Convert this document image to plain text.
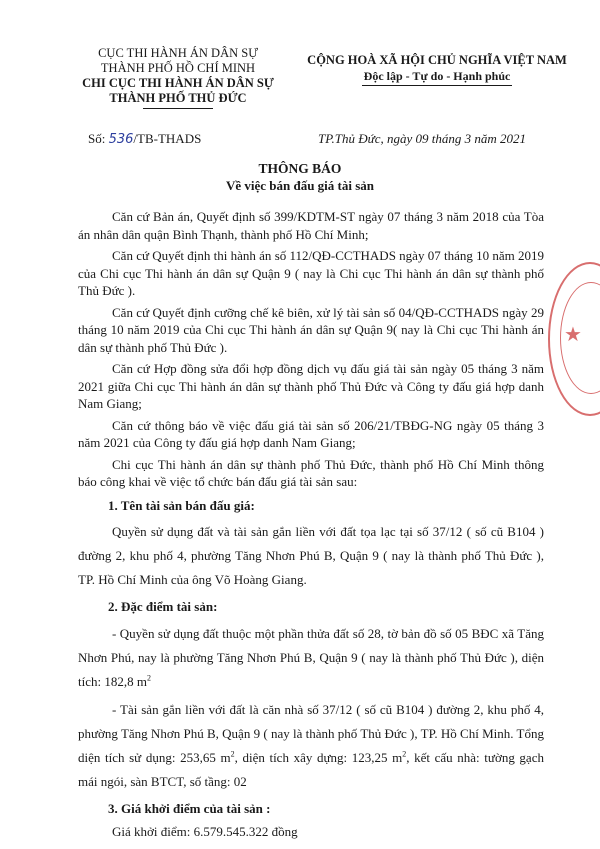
CỤC THI HÀNH ÁN DÂN SỰ
THÀNH PHỐ HỒ CHÍ MINH
CHI CỤC THI HÀNH ÁN DÂN SỰ
THÀNH PHỐ THỦ ĐỨC
CỘNG HOÀ XÃ HỘI CHỦ NGHĨA VIỆT NAM
Độc lập - Tự do - Hạnh phúc
Số: 536/TB-THADS	TP.Thủ Đức, ngày 09 tháng 3 năm 2021
THÔNG BÁO
Về việc bán đấu giá tài sản

Căn cứ Bản án, Quyết định số 399/KDTM-ST ngày 07 tháng 3 năm 2018 của Tòa án nhân dân quận Bình Thạnh, thành phố Hồ Chí Minh;

Căn cứ Quyết định thi hành án số 112/QĐ-CCTHADS ngày 07 tháng 10 năm 2019 của Chi cục Thi hành án dân sự Quận 9 ( nay là Chi cục Thi hành án dân sự thành phố Thủ Đức ).

Căn cứ Quyết định cưỡng chế kê biên, xử lý tài sản số 04/QĐ-CCTHADS ngày 29 tháng 10 năm 2019 của Chi cục Thi hành án dân sự Quận 9( nay là Chi cục Thi hành án dân sự thành phố Thủ Đức ).

Căn cứ Hợp đồng sửa đổi hợp đồng dịch vụ đấu giá tài sản ngày 05 tháng 3 năm 2021 giữa Chi cục Thi hành án dân sự thành phố Thủ Đức và Công ty đấu giá hợp danh Nam Giang;

Căn cứ thông báo về việc đấu giá tài sản số 206/21/TBĐG-NG ngày 05 tháng 3 năm 2021 của Công ty đấu giá hợp danh Nam Giang;

Chi cục Thi hành án dân sự thành phố Thủ Đức, thành phố Hồ Chí Minh thông báo công khai về việc tổ chức bán đấu giá tài sản sau:

1. Tên tài sản bán đấu giá:

Quyền sử dụng đất và tài sản gắn liền với đất tọa lạc tại số 37/12 ( số cũ B104 ) đường 2, khu phố 4, phường Tăng Nhơn Phú B, Quận 9 ( nay là thành phố Thủ Đức ), TP. Hồ Chí Minh của ông Võ Hoàng Giang.

2. Đặc điểm tài sản:

- Quyền sử dụng đất thuộc một phần thửa đất số 28, tờ bản đồ số 05 BĐC xã Tăng Nhơn Phú, nay là phường Tăng Nhơn Phú B, Quận 9 ( nay là thành phố Thủ Đức ), diện tích: 182,8 $m^2$

- Tài sản gắn liền với đất là căn nhà số 37/12 ( số cũ B104 ) đường 2, khu phố 4, phường Tăng Nhơn Phú B, Quận 9 ( nay là thành phố Thủ Đức ), TP. Hồ Chí Minh. Tổng diện tích sử dụng: 253,65 $m^2$, diện tích xây dựng: 123,25 $m^2$, kết cấu nhà: tường gạch mái ngói, sàn BTCT, số tầng: 02

3. Giá khởi điểm của tài sản :

Giá khởi điểm: 6.579.545.322 đồng

★
